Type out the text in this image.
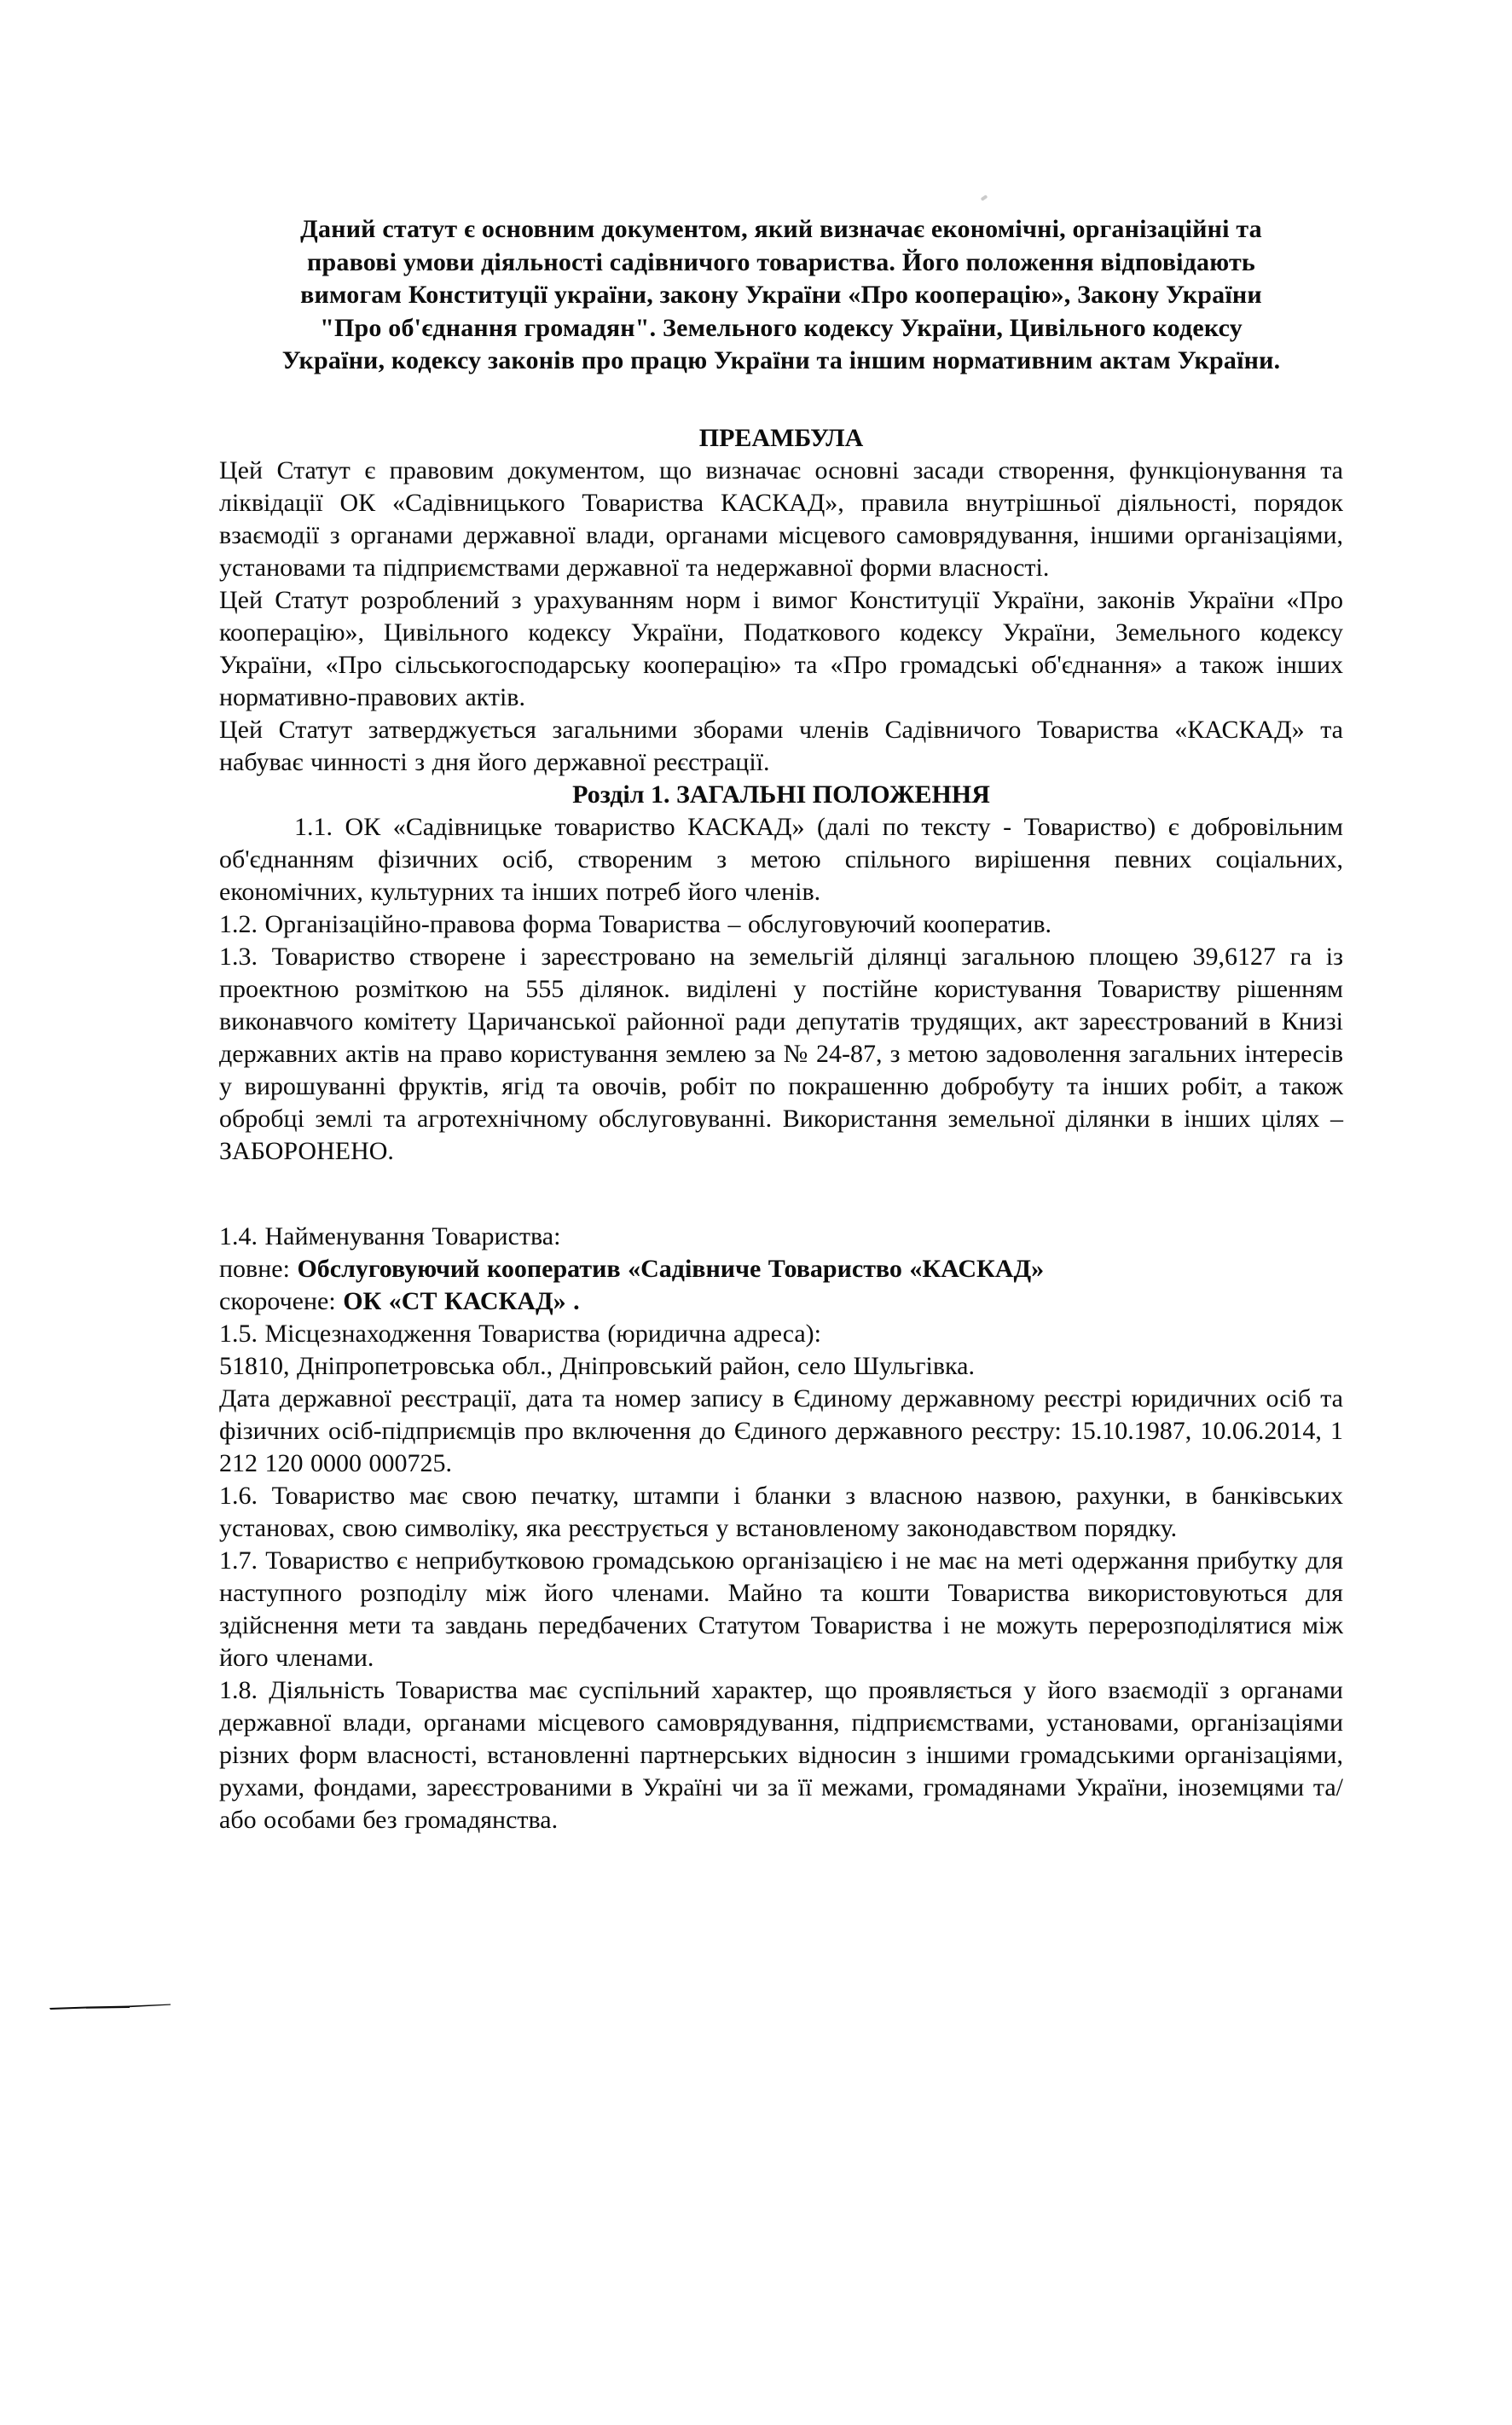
Даний статут є основним документом, який визначає економічні, організаційні та

правові умови діяльності садівничого товариства. Його положення відповідають

вимогам Конституції україни, закону України «Про кооперацію», Закону України

"Про об'єднання громадян". Земельного кодексу України, Цивільного кодексу

України, кодексу законів про працю України та іншим нормативним актам України.

ПРЕАМБУЛА

Цей Статут є правовим документом, що визначає основні засади створення, функціонування та ліквідації ОК «Садівницького Товариства КАСКАД», правила внутрішньої діяльності, порядок взаємодії з органами державної влади, органами місцевого самоврядування, іншими організаціями, установами та підприємствами державної та недержавної форми власності.

Цей Статут розроблений з урахуванням норм і вимог Конституції України, законів України «Про кооперацію», Цивільного кодексу України, Податкового кодексу України, Земельного кодексу України, «Про сільськогосподарську кооперацію» та «Про громадські об'єднання» а також інших нормативно-правових актів.

Цей Статут затверджується загальними зборами членів Садівничого Товариства «КАСКАД» та набуває чинності з дня його державної реєстрації.

Розділ 1. ЗАГАЛЬНІ ПОЛОЖЕННЯ

1.1. ОК «Садівницьке товариство КАСКАД» (далі по тексту - Товариство) є добровільним об'єднанням фізичних осіб, створеним з метою спільного вирішення певних соціальних, економічних, культурних та інших потреб його членів.

1.2. Організаційно-правова форма Товариства – обслуговуючий кооператив.

1.3. Товариство створене і зареєстровано на земельгій ділянці загальною площею 39,6127 га із проектною розміткою на 555 ділянок. виділені у постійне користування Товариству рішенням виконавчого комітету Царичанської районної ради депутатів трудящих, акт зареєстрований в Книзі державних актів на право користування землею за № 24-87, з метою задоволення загальних інтересів у вирошуванні фруктів, ягід та овочів, робіт по покрашенню добробуту та інших робіт, а також обробці землі та агротехнічному обслуговуванні. Використання земельної ділянки в інших цілях – ЗАБОРОНЕНО.

1.4. Найменування Товариства:

повне: Обслуговуючий кооператив «Садівниче Товариство «КАСКАД»

скорочене: ОК «СТ КАСКАД» .

1.5. Місцезнаходження Товариства (юридична адреса):

51810, Дніпропетровська обл., Дніпровський район, село Шульгівка.

Дата державної реєстрації, дата та номер запису в Єдиному державному реєстрі юридичних осіб та фізичних осіб-підприємців про включення до Єдиного державного реєстру: 15.10.1987, 10.06.2014, 1 212 120 0000 000725.

1.6. Товариство має свою печатку, штампи і бланки з власною назвою, рахунки, в банківських установах, свою символіку, яка реєструється у встановленому законодавством порядку.

1.7. Товариство є неприбутковою громадською організацією і не має на меті одержання прибутку для наступного розподілу між його членами. Майно та кошти Товариства використовуються для здійснення мети та завдань передбачених Статутом Товариства і не можуть перерозподілятися між його членами.

1.8. Діяльність Товариства має суспільний характер, що проявляється у його взаємодії з органами державної влади, органами місцевого самоврядування, підприємствами, установами, організаціями різних форм власності, встановленні партнерських відносин з іншими громадськими організаціями, рухами, фондами, зареєстрованими в Україні чи за її межами, громадянами України, іноземцями та/або особами без громадянства.
